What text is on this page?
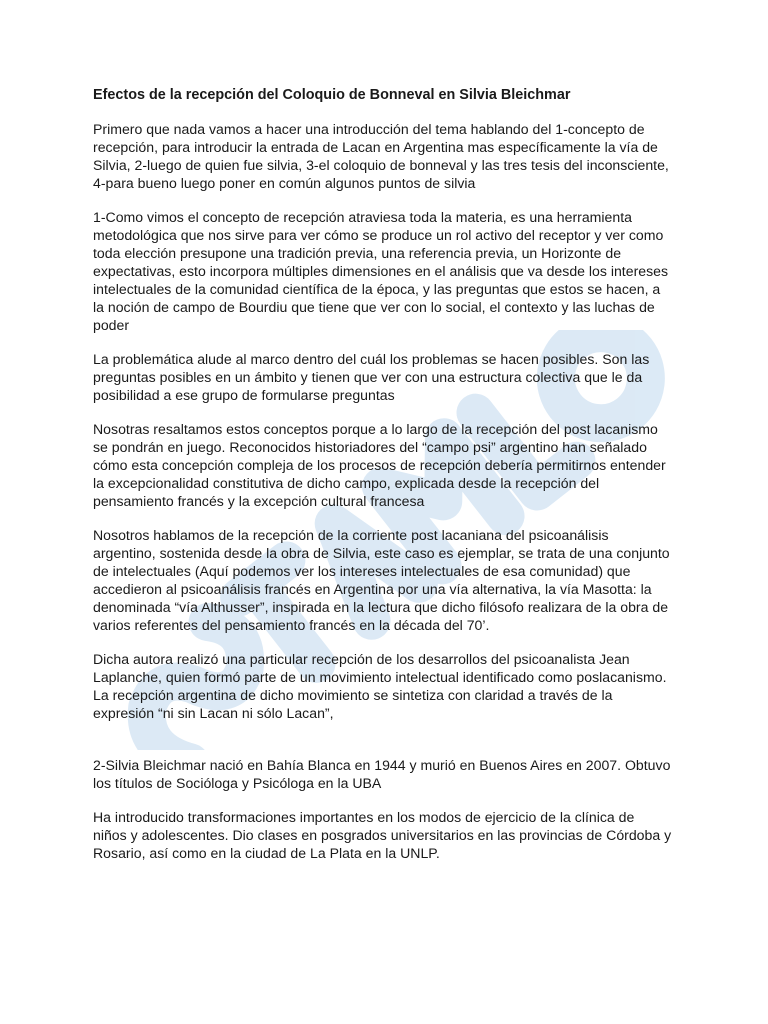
Efectos de la recepción del Coloquio de Bonneval en Silvia Bleichmar
Primero que nada vamos a hacer una introducción del tema hablando del 1-concepto de
recepción, para introducir la entrada de Lacan en Argentina mas específicamente la vía de
Silvia, 2-luego de quien fue silvia, 3-el coloquio de bonneval y las tres tesis del inconsciente,
4-para bueno luego poner en común algunos puntos de silvia
1-Como vimos el concepto de recepción atraviesa toda la materia, es una herramienta
metodológica que nos sirve para ver cómo se produce un rol activo del receptor y ver como
toda elección presupone una tradición previa, una referencia previa, un Horizonte de
expectativas, esto incorpora múltiples dimensiones en el análisis que va desde los intereses
intelectuales de la comunidad científica de la época, y las preguntas que estos se hacen, a
la noción de campo de Bourdiu que tiene que ver con lo social, el contexto y las luchas de
poder
La problemática alude al marco dentro del cuál los problemas se hacen posibles. Son las
preguntas posibles en un ámbito y tienen que ver con una estructura colectiva que le da
posibilidad a ese grupo de formularse preguntas
Nosotras resaltamos estos conceptos porque a lo largo de la recepción del post lacanismo
se pondrán en juego. Reconocidos historiadores del “campo psi” argentino han señalado
cómo esta concepción compleja de los procesos de recepción debería permitirnos entender
la excepcionalidad constitutiva de dicho campo, explicada desde la recepción del
pensamiento francés y la excepción cultural francesa
Nosotros hablamos de la recepción de la corriente post lacaniana del psicoanálisis
argentino, sostenida desde la obra de Silvia, este caso es ejemplar, se trata de una conjunto
de intelectuales (Aquí podemos ver los intereses intelectuales de esa comunidad) que
accedieron al psicoanálisis francés en Argentina por una vía alternativa, la vía Masotta: la
denominada “vía Althusser”, inspirada en la lectura que dicho filósofo realizara de la obra de
varios referentes del pensamiento francés en la década del 70’.
Dicha autora realizó una particular recepción de los desarrollos del psicoanalista Jean
Laplanche, quien formó parte de un movimiento intelectual identificado como poslacanismo.
La recepción argentina de dicho movimiento se sintetiza con claridad a través de la
expresión “ni sin Lacan ni sólo Lacan”,
2-Silvia Bleichmar nació en Bahía Blanca en 1944 y murió en Buenos Aires en 2007. Obtuvo
los títulos de Socióloga y Psicóloga en la UBA
Ha introducido transformaciones importantes en los modos de ejercicio de la clínica de
niños y adolescentes. Dio clases en posgrados universitarios en las provincias de Córdoba y
Rosario, así como en la ciudad de La Plata en la UNLP.
